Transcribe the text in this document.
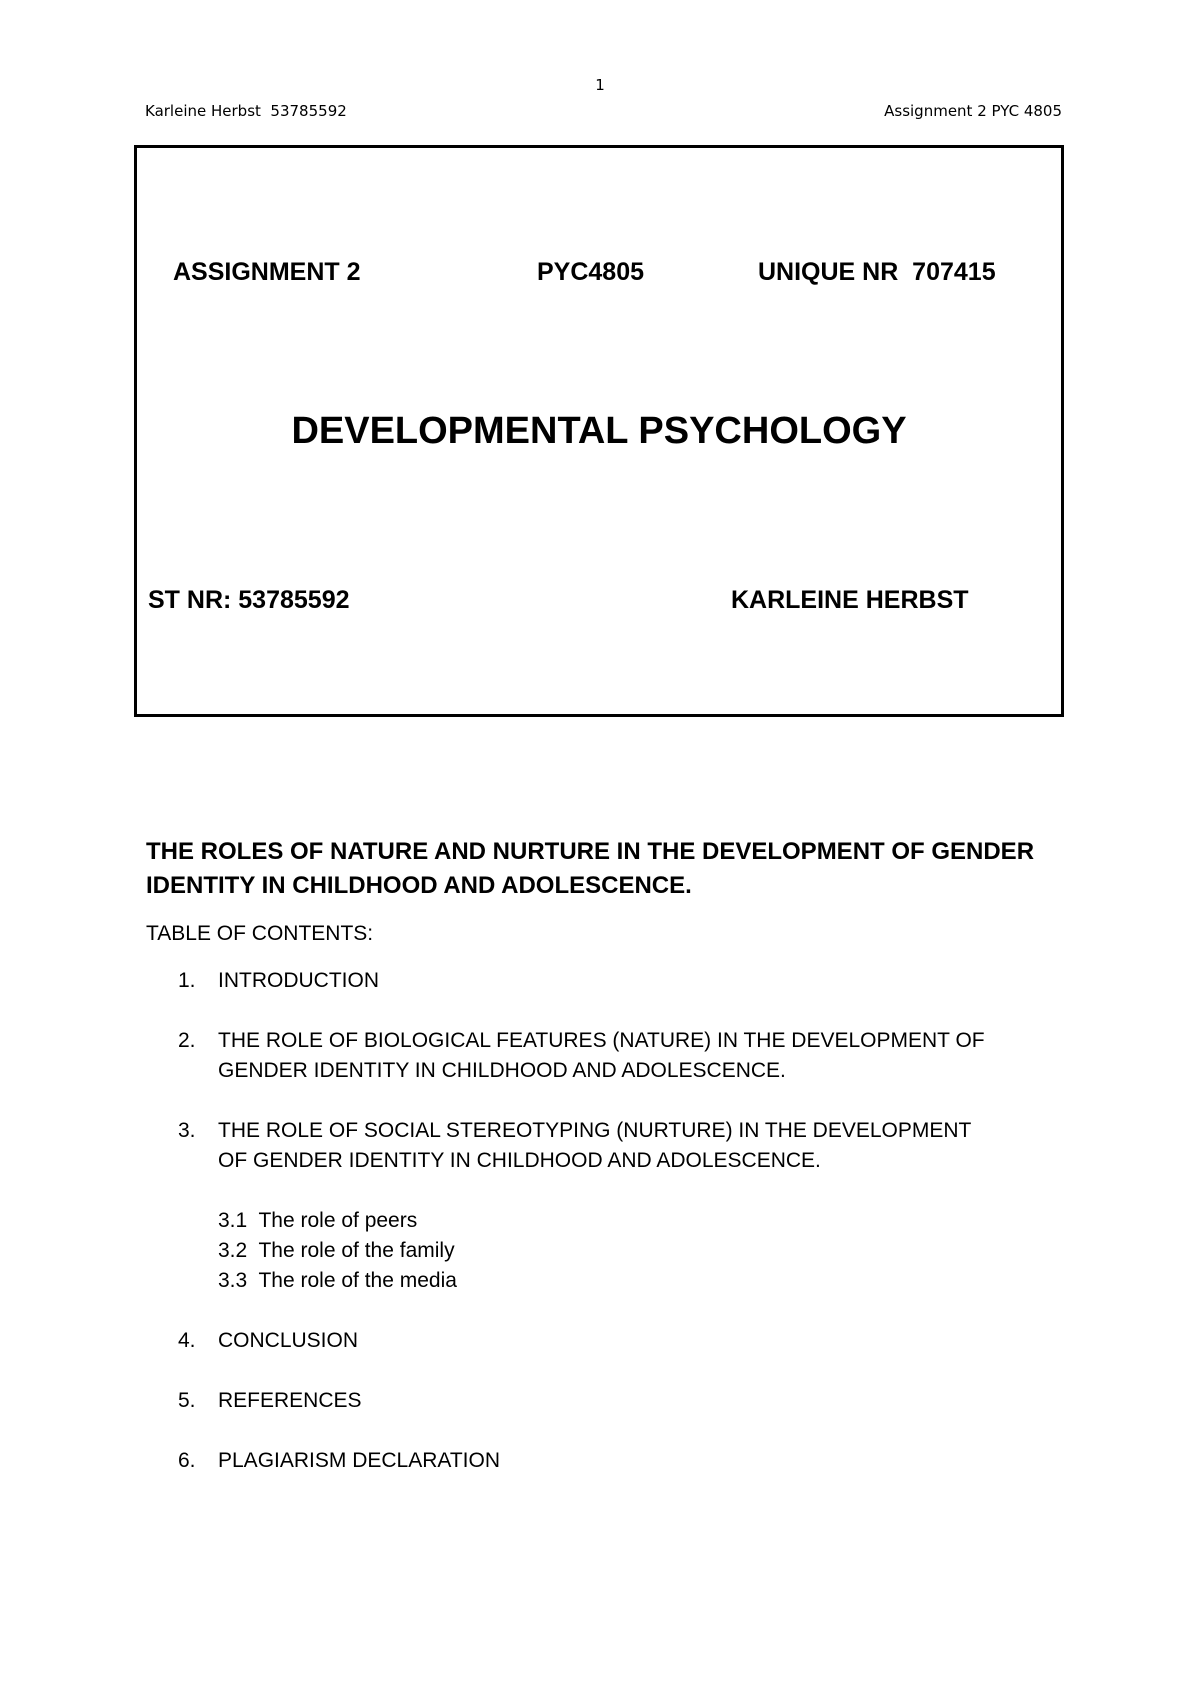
1
Karleine Herbst  53785592	Assignment 2 PYC 4805
ASSIGNMENT 2	PYC4805	UNIQUE NR  707415
DEVELOPMENTAL PSYCHOLOGY
ST NR: 53785592	KARLEINE HERBST
THE ROLES OF NATURE AND NURTURE IN THE DEVELOPMENT OF GENDER IDENTITY IN CHILDHOOD AND ADOLESCENCE.
TABLE OF CONTENTS:
1.	INTRODUCTION
2.	THE ROLE OF BIOLOGICAL FEATURES (NATURE) IN THE DEVELOPMENT OF GENDER IDENTITY IN CHILDHOOD AND ADOLESCENCE.
3.	THE ROLE OF SOCIAL STEREOTYPING (NURTURE) IN THE DEVELOPMENT OF GENDER IDENTITY IN CHILDHOOD AND ADOLESCENCE.
3.1  The role of peers
3.2  The role of the family
3.3  The role of the media
4.	CONCLUSION
5.	REFERENCES
6.	PLAGIARISM DECLARATION
